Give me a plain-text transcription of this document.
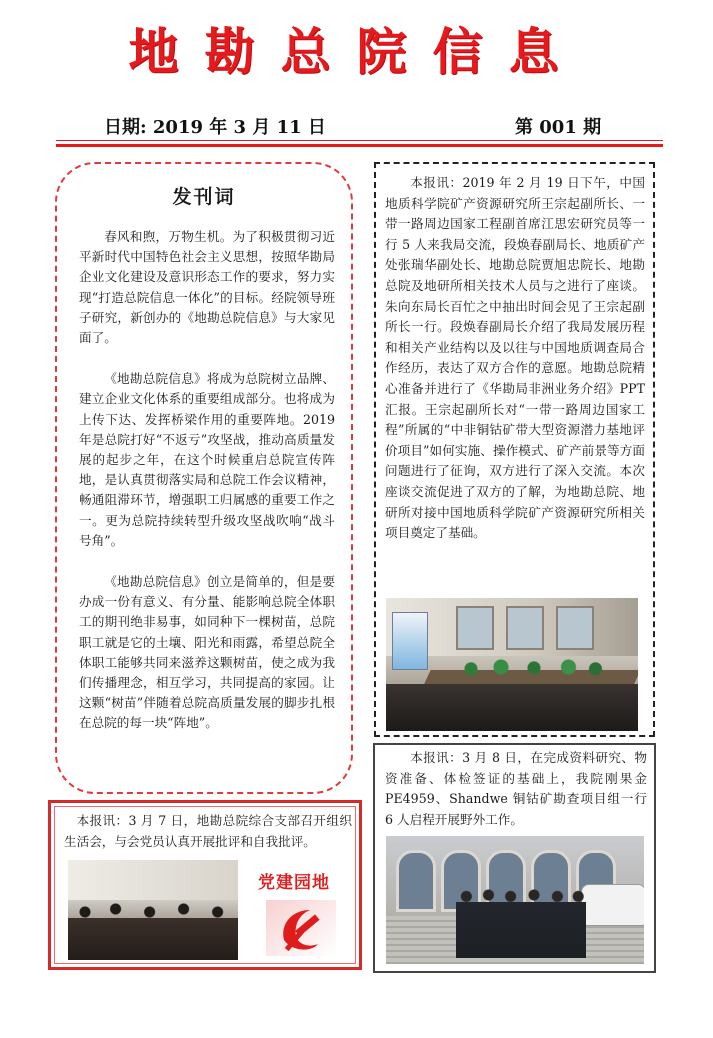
地勘总院信息
日期: 2019 年 3 月 11 日	第 001 期
发刊词

春风和煦，万物生机。为了积极贯彻习近平新时代中国特色社会主义思想，按照华勘局企业文化建设及意识形态工作的要求，努力实现“打造总院信息一体化”的目标。经院领导班子研究，新创办的《地勘总院信息》与大家见面了。

《地勘总院信息》将成为总院树立品牌、建立企业文化体系的重要组成部分。也将成为上传下达、发挥桥梁作用的重要阵地。2019 年是总院打好“不返亏”攻坚战，推动高质量发展的起步之年，在这个时候重启总院宣传阵地，是认真贯彻落实局和总院工作会议精神，畅通阻滞环节，增强职工归属感的重要工作之一。更为总院持续转型升级攻坚战吹响“战斗号角”。

《地勘总院信息》创立是简单的，但是要办成一份有意义、有分量、能影响总院全体职工的期刊绝非易事，如同种下一棵树苗，总院职工就是它的土壤、阳光和雨露，希望总院全体职工能够共同来滋养这颗树苗，使之成为我们传播理念，相互学习，共同提高的家园。让这颗“树苗”伴随着总院高质量发展的脚步扎根在总院的每一块“阵地”。

本报讯：2019 年 2 月 19 日下午，中国地质科学院矿产资源研究所王宗起副所长、一带一路周边国家工程副首席江思宏研究员等一行 5 人来我局交流，段焕春副局长、地质矿产处张瑞华副处长、地勘总院贾旭忠院长、地勘总院及地研所相关技术人员与之进行了座谈。朱向东局长百忙之中抽出时间会见了王宗起副所长一行。段焕春副局长介绍了我局发展历程和相关产业结构以及以往与中国地质调查局合作经历，表达了双方合作的意愿。地勘总院精心准备并进行了《华勘局非洲业务介绍》PPT 汇报。王宗起副所长对“一带一路周边国家工程”所属的“中非铜钴矿带大型资源潜力基地评价项目”如何实施、操作模式、矿产前景等方面问题进行了征询，双方进行了深入交流。本次座谈交流促进了双方的了解，为地勘总院、地研所对接中国地质科学院矿产资源研究所相关项目奠定了基础。

本报讯：3 月 8 日，在完成资料研究、物资准备、体检签证的基础上，我院刚果金 PE4959、Shandwe 铜钴矿勘查项目组一行 6 人启程开展野外工作。

本报讯：3 月 7 日，地勘总院综合支部召开组织生活会，与会党员认真开展批评和自我批评。

党建园地
